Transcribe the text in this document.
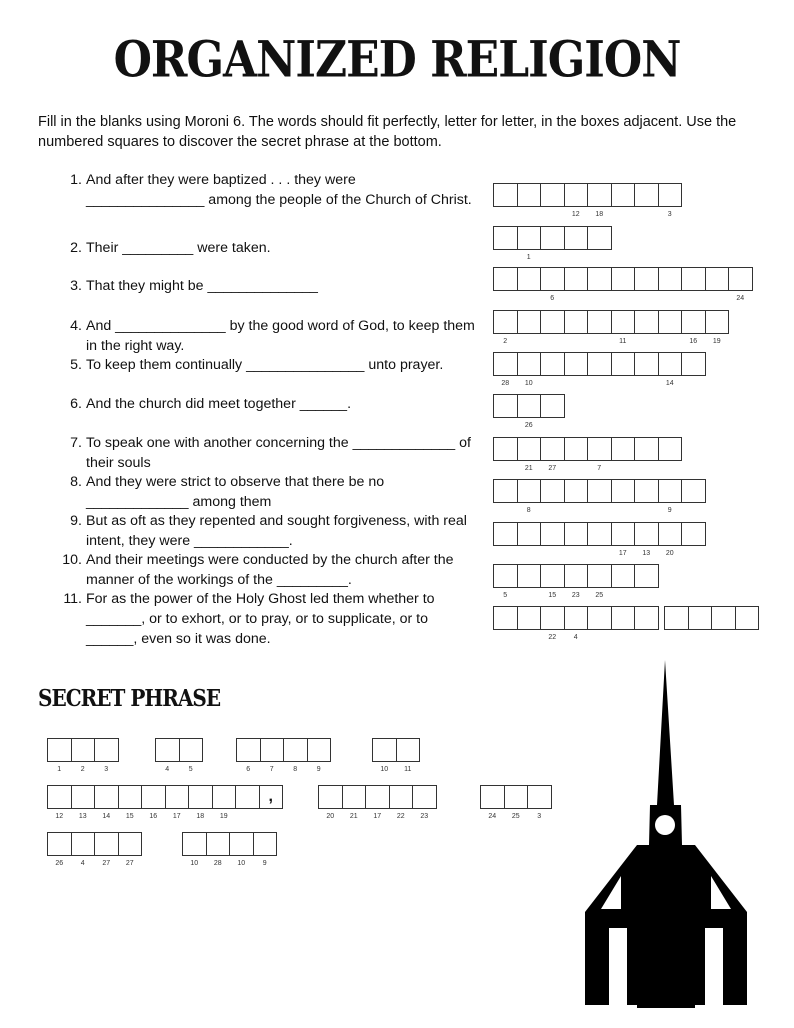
ORGANIZED RELIGION

Fill in the blanks using Moroni 6. The words should fit perfectly, letter for letter, in the boxes adjacent. Use the numbered squares to discover the secret phrase at the bottom.

1. And after they were baptized . . . they were _______________ among the people of the Church of Christ.
2. Their _________ were taken.
3. That they might be ______________
4. And ______________ by the good word of God, to keep them in the right way.
5. To keep them continually _______________ unto prayer.
6. And the church did meet together ______.
7. To speak one with another concerning the _____________ of their souls
8. And they were strict to observe that there be no _____________ among them
9. But as oft as they repented and sought forgiveness, with real intent, they were ____________.
10. And their meetings were conducted by the church after the manner of the workings of the _________.
11. For as the power of the Holy Ghost led them whether to _______, or to exhort, or to pray, or to supplicate, or to ______, even so it was done.
12	18	3
1
6	24
2	11	16	19
28	10	14
26
21	27	7
8	9
17	13	20
5	15	23	25
22	4
SECRET PHRASE
1	2	3	4	5	6	7	8	9	10	11
12	13	14	15	16	17	18	19
,
20	21	17	22	23	24	25	3
26	4	27	27	10	28	10	9
